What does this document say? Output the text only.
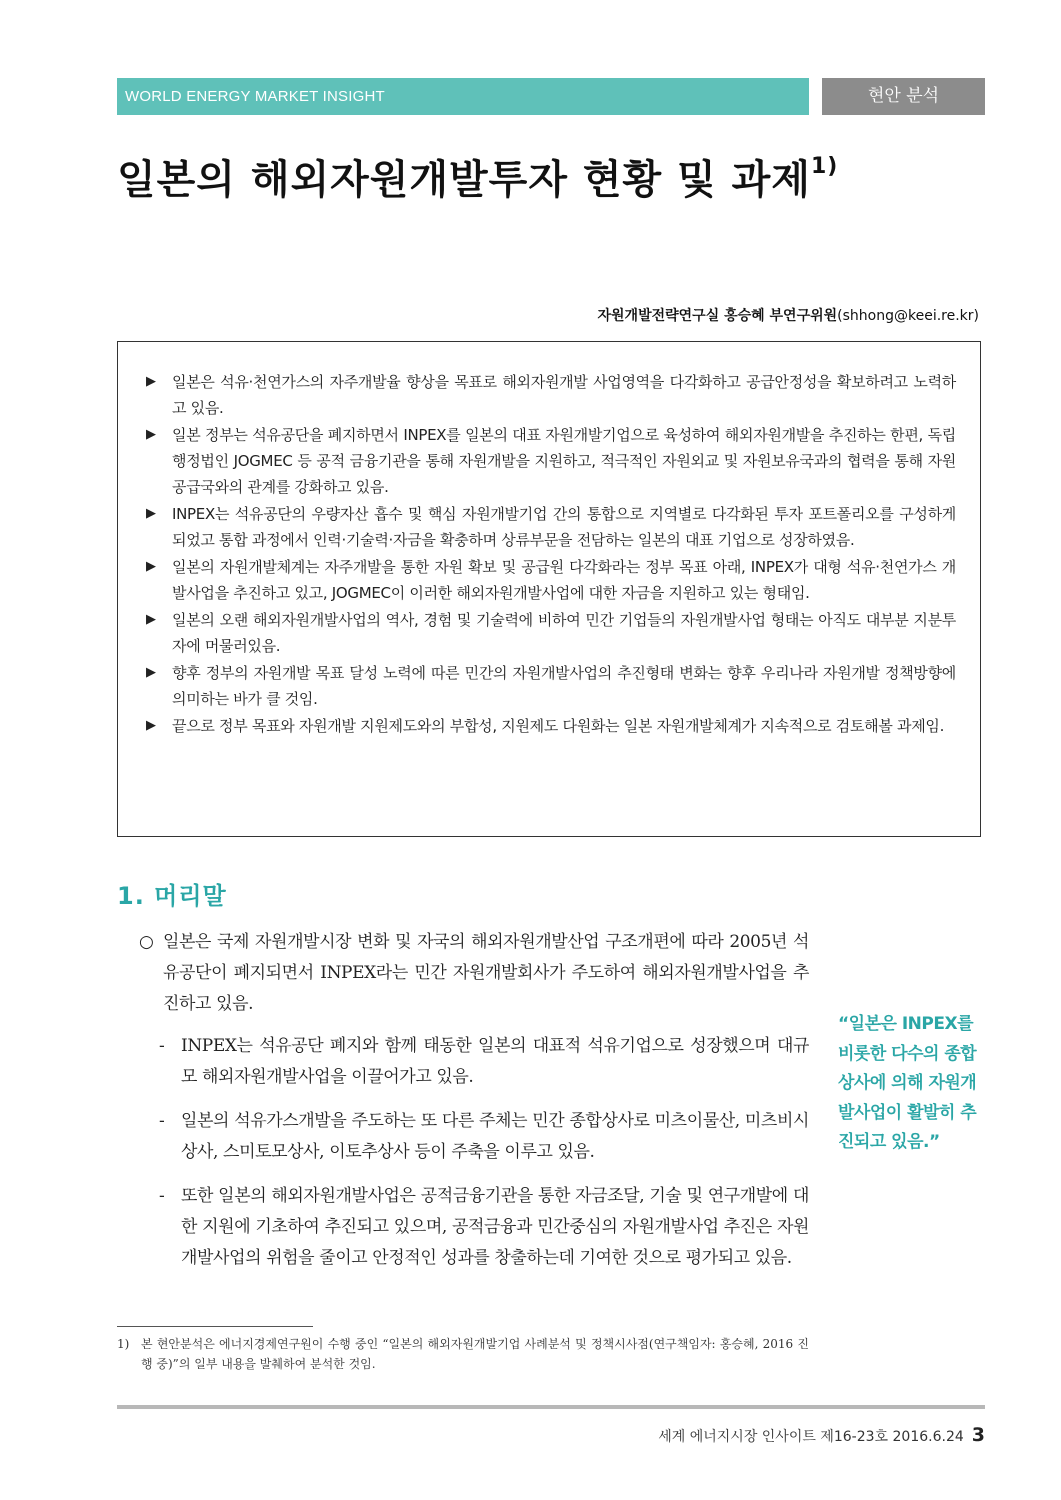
WORLD ENERGY MARKET INSIGHT	현안 분석
일본의 해외자원개발투자 현황 및 과제$^{1)}$
자원개발전략연구실 홍승혜 부연구위원(shhong@keei.re.kr)
▶ 일본은 석유·천연가스의 자주개발율 향상을 목표로 해외자원개발 사업영역을 다각화하고 공급안정성을 확보하려고 노력하고 있음.
▶ 일본 정부는 석유공단을 폐지하면서 INPEX를 일본의 대표 자원개발기업으로 육성하여 해외자원개발을 추진하는 한편, 독립행정법인 JOGMEC 등 공적 금융기관을 통해 자원개발을 지원하고, 적극적인 자원외교 및 자원보유국과의 협력을 통해 자원공급국와의 관계를 강화하고 있음.
▶ INPEX는 석유공단의 우량자산 흡수 및 핵심 자원개발기업 간의 통합으로 지역별로 다각화된 투자 포트폴리오를 구성하게 되었고 통합 과정에서 인력·기술력·자금을 확충하며 상류부문을 전담하는 일본의 대표 기업으로 성장하였음.
▶ 일본의 자원개발체계는 자주개발을 통한 자원 확보 및 공급원 다각화라는 정부 목표 아래, INPEX가 대형 석유·천연가스 개발사업을 추진하고 있고, JOGMEC이 이러한 해외자원개발사업에 대한 자금을 지원하고 있는 형태임.
▶ 일본의 오랜 해외자원개발사업의 역사, 경험 및 기술력에 비하여 민간 기업들의 자원개발사업 형태는 아직도 대부분 지분투자에 머물러있음.
▶ 향후 정부의 자원개발 목표 달성 노력에 따른 민간의 자원개발사업의 추진형태 변화는 향후 우리나라 자원개발 정책방향에 의미하는 바가 클 것임.
▶ 끝으로 정부 목표와 자원개발 지원제도와의 부합성, 지원제도 다원화는 일본 자원개발체계가 지속적으로 검토해볼 과제임.
1. 머리말

○ 일본은 국제 자원개발시장 변화 및 자국의 해외자원개발산업 구조개편에 따라 2005년 석유공단이 폐지되면서 INPEX라는 민간 자원개발회사가 주도하여 해외자원개발사업을 추진하고 있음.

- INPEX는 석유공단 폐지와 함께 태동한 일본의 대표적 석유기업으로 성장했으며 대규모 해외자원개발사업을 이끌어가고 있음.

- 일본의 석유가스개발을 주도하는 또 다른 주체는 민간 종합상사로 미츠이물산, 미츠비시상사, 스미토모상사, 이토추상사 등이 주축을 이루고 있음.

- 또한 일본의 해외자원개발사업은 공적금융기관을 통한 자금조달, 기술 및 연구개발에 대한 지원에 기초하여 추진되고 있으며, 공적금융과 민간중심의 자원개발사업 추진은 자원개발사업의 위험을 줄이고 안정적인 성과를 창출하는데 기여한 것으로 평가되고 있음.

“일본은 INPEX를 비롯한 다수의 종합상사에 의해 자원개발사업이 활발히 추진되고 있음.”
1) 본 현안분석은 에너지경제연구원이 수행 중인 “일본의 해외자원개발기업 사례분석 및 정책시사점(연구책임자: 홍승혜, 2016 진행 중)”의 일부 내용을 발췌하여 분석한 것임.
세계 에너지시장 인사이트 제16-23호 2016.6.24 3
